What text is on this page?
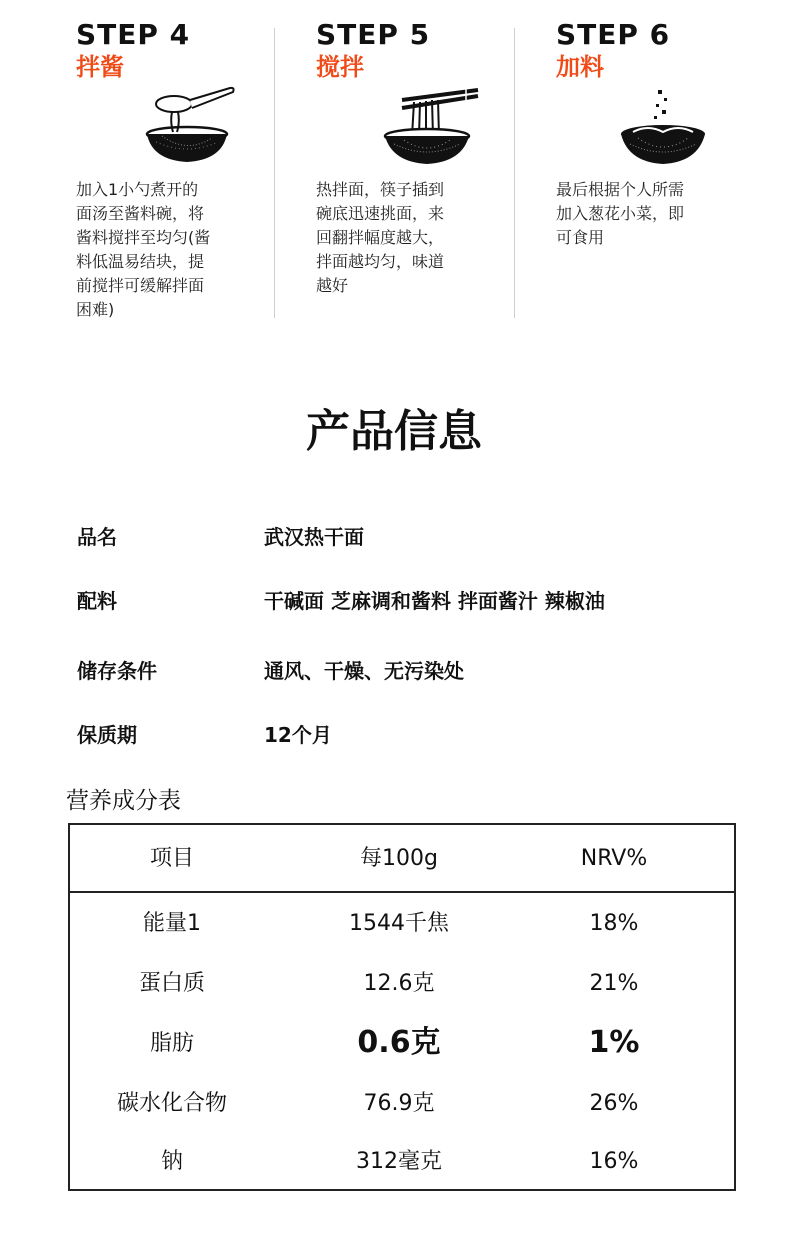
STEP 4
拌酱
加入1小勺煮开的
面汤至酱料碗，将
酱料搅拌至均匀(酱
料低温易结块，提
前搅拌可缓解拌面
困难)
STEP 5
搅拌
热拌面，筷子插到
碗底迅速挑面，来
回翻拌幅度越大，
拌面越均匀，味道
越好
STEP 6
加料
最后根据个人所需
加入葱花小菜，即
可食用
产品信息
品名	武汉热干面
配料	干碱面 芝麻调和酱料 拌面酱汁 辣椒油
储存条件	通风、干燥、无污染处
保质期	12个月
营养成分表
项目	每100g	NRV%
能量1	1544千焦	18%
蛋白质	12.6克	21%
脂肪	0.6克	1%
碳水化合物	76.9克	26%
钠	312毫克	16%
